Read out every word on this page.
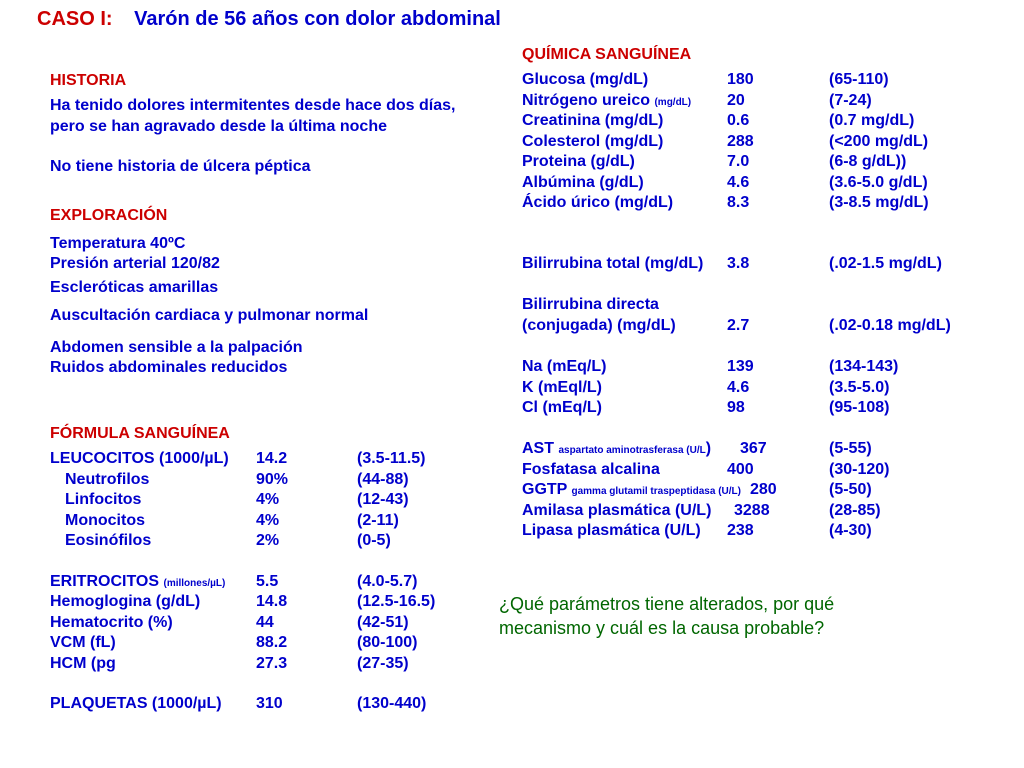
CASO I: Varón de 56 años con dolor abdominal
HISTORIA
Ha tenido dolores intermitentes desde hace dos días,
pero se han agravado desde la última noche
No tiene historia de úlcera péptica
EXPLORACIÓN
Temperatura 40ºC
Presión arterial 120/82
Escleróticas amarillas
Auscultación cardiaca y pulmonar normal
Abdomen sensible a la palpación
Ruidos abdominales reducidos
FÓRMULA SANGUÍNEA
LEUCOCITOS (1000/µL) 14.2	(3.5-11.5)
Neutrofilos	90%	(44-88)
Linfocitos	4%	(12-43)
Monocitos	4%	(2-11)
Eosinófilos	2%	(0-5)
ERITROCITOS (millones/µL) 5.5	(4.0-5.7)
Hemoglogina (g/dL)	14.8	(12.5-16.5)
Hematocrito (%)	44	(42-51)
VCM (fL)	88.2	(80-100)
HCM (pg	27.3	(27-35)
PLAQUETAS (1000/µL) 310	(130-440)
QUÍMICA SANGUÍNEA
Glucosa (mg/dL)	180	(65-110)
Nitrógeno ureico (mg/dL) 20	(7-24)
Creatinina (mg/dL)	0.6	(0.7 mg/dL)
Colesterol (mg/dL)	288	(<200 mg/dL)
Proteina (g/dL)	7.0	(6-8 g/dL))
Albúmina (g/dL)	4.6	(3.6-5.0 g/dL)
Ácido úrico (mg/dL)	8.3	(3-8.5 mg/dL)
Bilirrubina total (mg/dL) 3.8	(.02-1.5 mg/dL)
Bilirrubina directa
(conjugada) (mg/dL)	2.7	(.02-0.18 mg/dL)
Na (mEq/L)	139	(134-143)
K (mEql/L)	4.6	(3.5-5.0)
Cl (mEq/L)	98	(95-108)
AST aspartato aminotrasferasa (U/L) 367	(5-55)
Fosfatasa alcalina	400	(30-120)
GGTP gamma glutamil traspeptidasa (U/L) 280	(5-50)
Amilasa plasmática (U/L) 3288	(28-85)
Lipasa plasmática (U/L) 238	(4-30)
¿Qué parámetros tiene alterados, por qué
mecanismo y cuál es la causa probable?
